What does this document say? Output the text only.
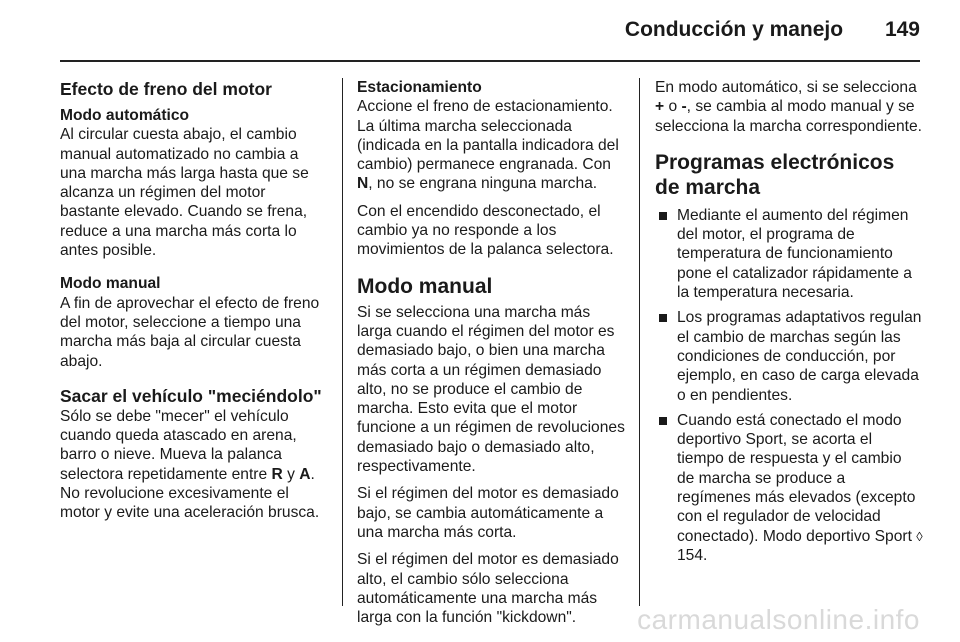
Conducción y manejo 149
Efecto de freno del motor
Modo automático

Al circular cuesta abajo, el cambio manual automatizado no cambia a una marcha más larga hasta que se alcanza un régimen del motor bastante elevado. Cuando se frena, reduce a una marcha más corta lo antes posible.

Modo manual

A fin de aprovechar el efecto de freno del motor, seleccione a tiempo una marcha más baja al circular cuesta abajo.

Sacar el vehículo "meciéndolo"

Sólo se debe "mecer" el vehículo cuando queda atascado en arena, barro o nieve. Mueva la palanca selectora repetidamente entre R y A. No revolucione excesivamente el motor y evite una aceleración brusca.

Estacionamiento

Accione el freno de estacionamiento. La última marcha seleccionada (indicada en la pantalla indicadora del cambio) permanece engranada. Con N, no se engrana ninguna marcha.

Con el encendido desconectado, el cambio ya no responde a los movimientos de la palanca selectora.

Modo manual

Si se selecciona una marcha más larga cuando el régimen del motor es demasiado bajo, o bien una marcha más corta a un régimen demasiado alto, no se produce el cambio de marcha. Esto evita que el motor funcione a un régimen de revoluciones demasiado bajo o demasiado alto, respectivamente.

Si el régimen del motor es demasiado bajo, se cambia automáticamente a una marcha más corta.

Si el régimen del motor es demasiado alto, el cambio sólo selecciona automáticamente una marcha más larga con la función "kickdown".

En modo automático, si se selecciona + o -, se cambia al modo manual y se selecciona la marcha correspondiente.

Programas electrónicos de marcha
Mediante el aumento del régimen del motor, el programa de temperatura de funcionamiento pone el catalizador rápidamente a la temperatura necesaria.
Los programas adaptativos regulan el cambio de marchas según las condiciones de conducción, por ejemplo, en caso de carga elevada o en pendientes.
Cuando está conectado el modo deportivo Sport, se acorta el tiempo de respuesta y el cambio de marcha se produce a regímenes más elevados (excepto con el regulador de velocidad conectado). Modo deportivo Sport ◊ 154.
carmanualsonline.info
